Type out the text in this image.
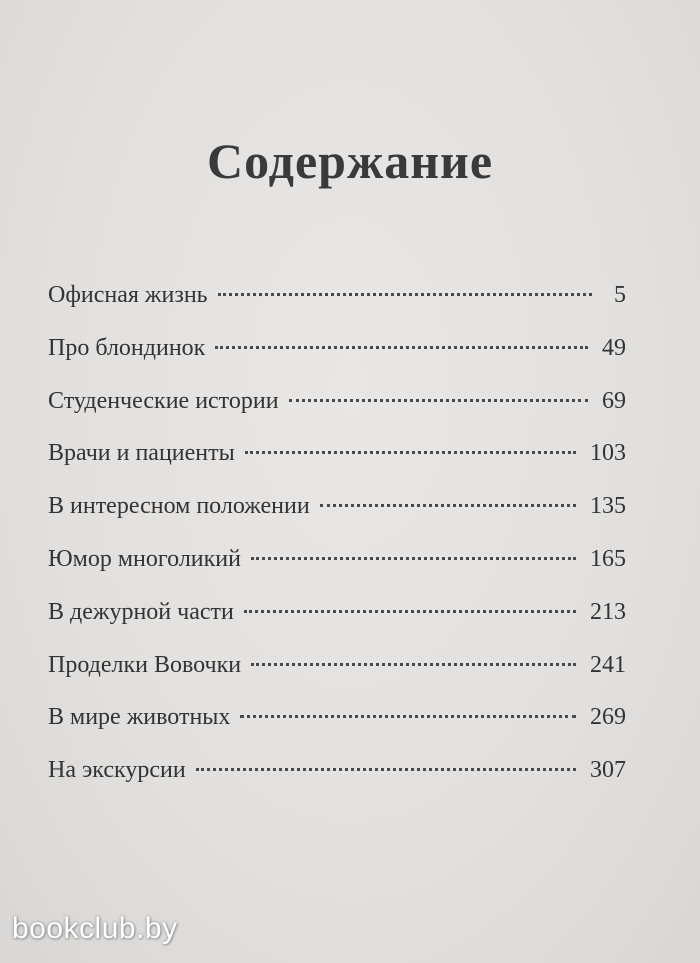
Содержание
Офисная жизнь	5
Про блондинок	49
Студенческие истории	69
Врачи и пациенты	103
В интересном положении	135
Юмор многоликий	165
В дежурной части	213
Проделки Вовочки	241
В мире животных	269
На экскурсии	307
bookclub.by
